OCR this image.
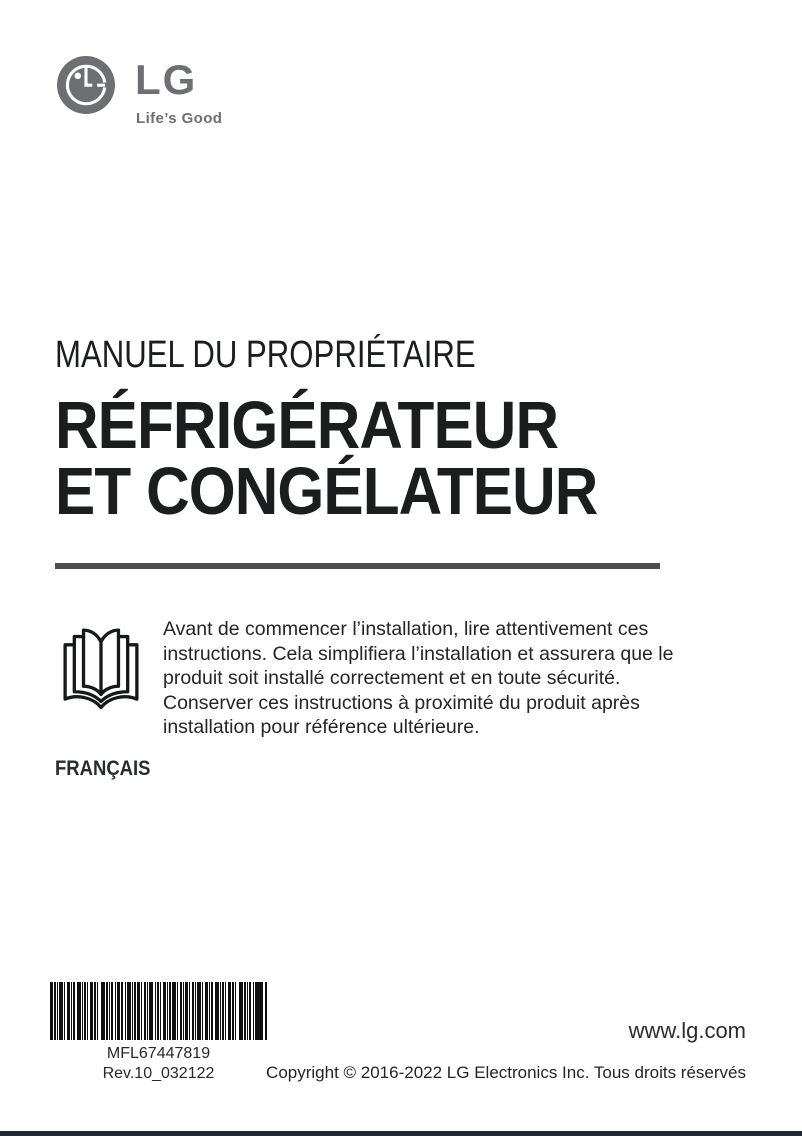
LG
Life’s Good
MANUEL DU PROPRIÉTAIRE
RÉFRIGÉRATEUR
ET CONGÉLATEUR
Avant de commencer l’installation, lire attentivement ces
instructions. Cela simplifiera l’installation et assurera que le
produit soit installé correctement et en toute sécurité.
Conserver ces instructions à proximité du produit après
installation pour référence ultérieure.
FRANÇAIS
MFL67447819
Rev.10_032122
www.lg.com
Copyright © 2016-2022 LG Electronics Inc. Tous droits réservés
